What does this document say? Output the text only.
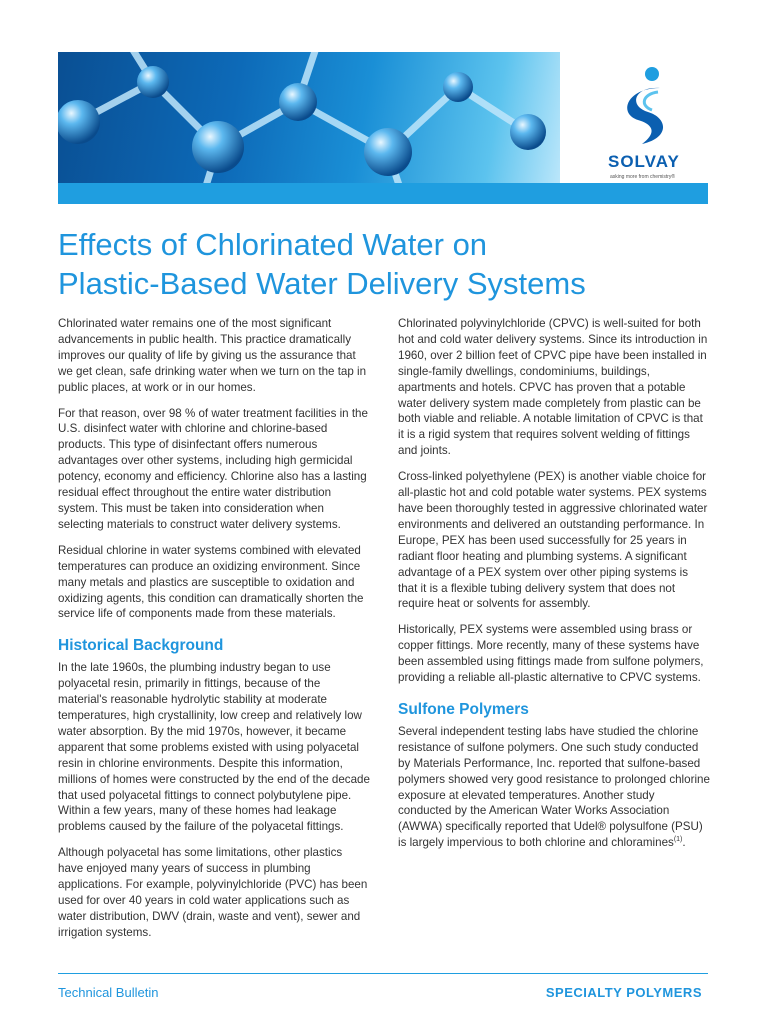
SOLVAY
asking more from chemistry®
Effects of Chlorinated Water on
Plastic-Based Water Delivery Systems

Chlorinated water remains one of the most significant advancements in public health. This practice dramatically improves our quality of life by giving us the assurance that we get clean, safe drinking water when we turn on the tap in public places, at work or in our homes.

For that reason, over 98 % of water treatment facilities in the U.S. disinfect water with chlorine and chlorine-based products. This type of disinfectant offers numerous advantages over other systems, including high germicidal potency, economy and efficiency. Chlorine also has a lasting residual effect throughout the entire water distribution system. This must be taken into consideration when selecting materials to construct water delivery systems.

Residual chlorine in water systems combined with elevated temperatures can produce an oxidizing environment. Since many metals and plastics are susceptible to oxidation and oxidizing agents, this condition can dramatically shorten the service life of components made from these materials.

Historical Background

In the late 1960s, the plumbing industry began to use polyacetal resin, primarily in fittings, because of the material's reasonable hydrolytic stability at moderate temperatures, high crystallinity, low creep and relatively low water absorption. By the mid 1970s, however, it became apparent that some problems existed with using polyacetal resin in chlorine environments. Despite this information, millions of homes were constructed by the end of the decade that used polyacetal fittings to connect polybutylene pipe. Within a few years, many of these homes had leakage problems caused by the failure of the polyacetal fittings.

Although polyacetal has some limitations, other plastics have enjoyed many years of success in plumbing applications. For example, polyvinylchloride (PVC) has been used for over 40 years in cold water applications such as water distribution, DWV (drain, waste and vent), sewer and irrigation systems.

Chlorinated polyvinylchloride (CPVC) is well-suited for both hot and cold water delivery systems. Since its introduction in 1960, over 2 billion feet of CPVC pipe have been installed in single-family dwellings, condominiums, buildings, apartments and hotels. CPVC has proven that a potable water delivery system made completely from plastic can be both viable and reliable. A notable limitation of CPVC is that it is a rigid system that requires solvent welding of fittings and joints.

Cross-linked polyethylene (PEX) is another viable choice for all-plastic hot and cold potable water systems. PEX systems have been thoroughly tested in aggressive chlorinated water environments and delivered an outstanding performance. In Europe, PEX has been used successfully for 25 years in radiant floor heating and plumbing systems. A significant advantage of a PEX system over other piping systems is that it is a flexible tubing delivery system that does not require heat or solvents for assembly.

Historically, PEX systems were assembled using brass or copper fittings. More recently, many of these systems have been assembled using fittings made from sulfone polymers, providing a reliable all-plastic alternative to CPVC systems.

Sulfone Polymers

Several independent testing labs have studied the chlorine resistance of sulfone polymers. One such study conducted by Materials Performance, Inc. reported that sulfone-based polymers showed very good resistance to prolonged chlorine exposure at elevated temperatures. Another study conducted by the American Water Works Association (AWWA) specifically reported that Udel® polysulfone (PSU) is largely impervious to both chlorine and chloramines$^{(1)}$.

Technical Bulletin	SPECIALTY POLYMERS
